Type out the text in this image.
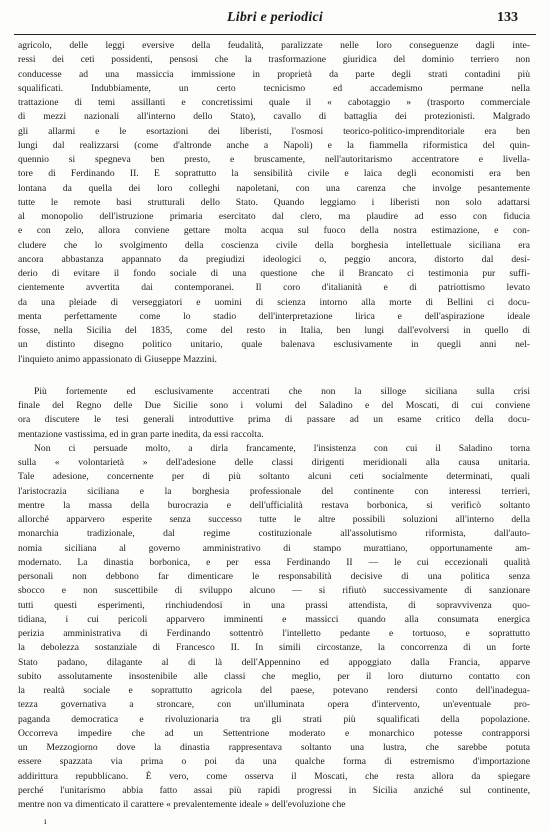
Libri e periodici	133
agricolo, delle leggi eversive della feudalità, paralizzate nelle loro conseguenze dagli inte-
ressi dei ceti possidenti, pensosi che la trasformazione giuridica del dominio terriero non
conducesse ad una massiccia immissione in proprietà da parte degli strati contadini più
squalificati. Indubbiamente, un certo tecnicismo ed accademismo permane nella
trattazione di temi assillanti e concretissimi quale il « cabotaggio » (trasporto commerciale
di mezzi nazionali all'interno dello Stato), cavallo di battaglia dei protezionisti. Malgrado
gli allarmi e le esortazioni dei liberisti, l'osmosi teorico-politico-imprenditoriale era ben
lungi dal realizzarsi (come d'altronde anche a Napoli) e la fiammella riformistica del quin-
quennio si spegneva ben presto, e bruscamente, nell'autoritarismo accentratore e livella-
tore di Ferdinando II. E soprattutto la sensibilità civile e laica degli economisti era ben
lontana da quella dei loro colleghi napoletani, con una carenza che involge pesantemente
tutte le remote basi strutturali dello Stato. Quando leggiamo i liberisti non solo adattarsi
al monopolio dell'istruzione primaria esercitato dal clero, ma plaudire ad esso con fiducia
e con zelo, allora conviene gettare molta acqua sul fuoco della nostra estimazione, e con-
cludere che lo svolgimento della coscienza civile della borghesia intellettuale siciliana era
ancora abbastanza appannato da pregiudizi ideologici o, peggio ancora, distorto dal desi-
derio di evitare il fondo sociale di una questione che il Brancato ci testimonia pur suffi-
cientemente avvertita dai contemporanei. Il coro d'italianità e di patriottismo levato
da una pleiade di verseggiatori e uomini di scienza intorno alla morte di Bellini ci docu-
menta perfettamente come lo stadio dell'interpretazione lirica e dell'aspirazione ideale
fosse, nella Sicilia del 1835, come del resto in Italia, ben lungi dall'evolversi in quello di
un distinto disegno politico unitario, quale balenava esclusivamente in quegli anni nel-
l'inquieto animo appassionato di Giuseppe Mazzini.
Più fortemente ed esclusivamente accentrati che non la silloge siciliana sulla crisi
finale del Regno delle Due Sicilie sono i volumi del Saladino e del Moscati, di cui conviene
ora discutere le tesi generali introduttive prima di passare ad un esame critico della docu-
mentazione vastissima, ed in gran parte inedita, da essi raccolta.
Non ci persuade molto, a dirla francamente, l'insistenza con cui il Saladino torna
sulla « volontarietà » dell'adesione delle classi dirigenti meridionali alla causa unitaria.
Tale adesione, concernente per di più soltanto alcuni ceti socialmente determinati, quali
l'aristocrazia siciliana e la borghesia professionale del continente con interessi terrieri,
mentre la massa della burocrazia e dell'ufficialità restava borbonica, si verificò soltanto
allorché apparvero esperite senza successo tutte le altre possibili soluzioni all'interno della
monarchia tradizionale, dal regime costituzionale all'assolutismo riformista, dall'auto-
nomia siciliana al governo amministrativo di stampo murattiano, opportunamente am-
modernato. La dinastia borbonica, e per essa Ferdinando II — le cui eccezionali qualità
personali non debbono far dimenticare le responsabilità decisive di una politica senza
sbocco e non suscettibile di sviluppo alcuno — si rifiutò successivamente di sanzionare
tutti questi esperimenti, rinchiudendosi in una prassi attendista, di sopravvivenza quo-
tidiana, i cui pericoli apparvero imminenti e massicci quando alla consumata energica
perizia amministrativa di Ferdinando sottentrò l'intelletto pedante e tortuoso, e soprattutto
la debolezza sostanziale di Francesco II. In simili circostanze, la concorrenza di un forte
Stato padano, dilagante al di là dell'Appennino ed appoggiato dalla Francia, apparve
subito assolutamente insostenibile alle classi che meglio, per il loro diuturno contatto con
la realtà sociale e soprattutto agricola del paese, potevano rendersi conto dell'inadegua-
tezza governativa a stroncare, con un'illuminata opera d'intervento, un'eventuale pro-
paganda democratica e rivoluzionaria tra gli strati più squalificati della popolazione.
Occorreva impedire che ad un Settentrione moderato e monarchico potesse contrapporsi
un Mezzogiorno dove la dinastia rappresentava soltanto una lustra, che sarebbe potuta
essere spazzata via prima o poi da una qualche forma di estremismo d'importazione
addirittura repubblicano. È vero, come osserva il Moscati, che resta allora da spiegare
perché l'unitarismo abbia fatto assai più rapidi progressi in Sicilia anziché sul continente,
mentre non va dimenticato il carattere « prevalentemente ideale » dell'evoluzione che
ı
